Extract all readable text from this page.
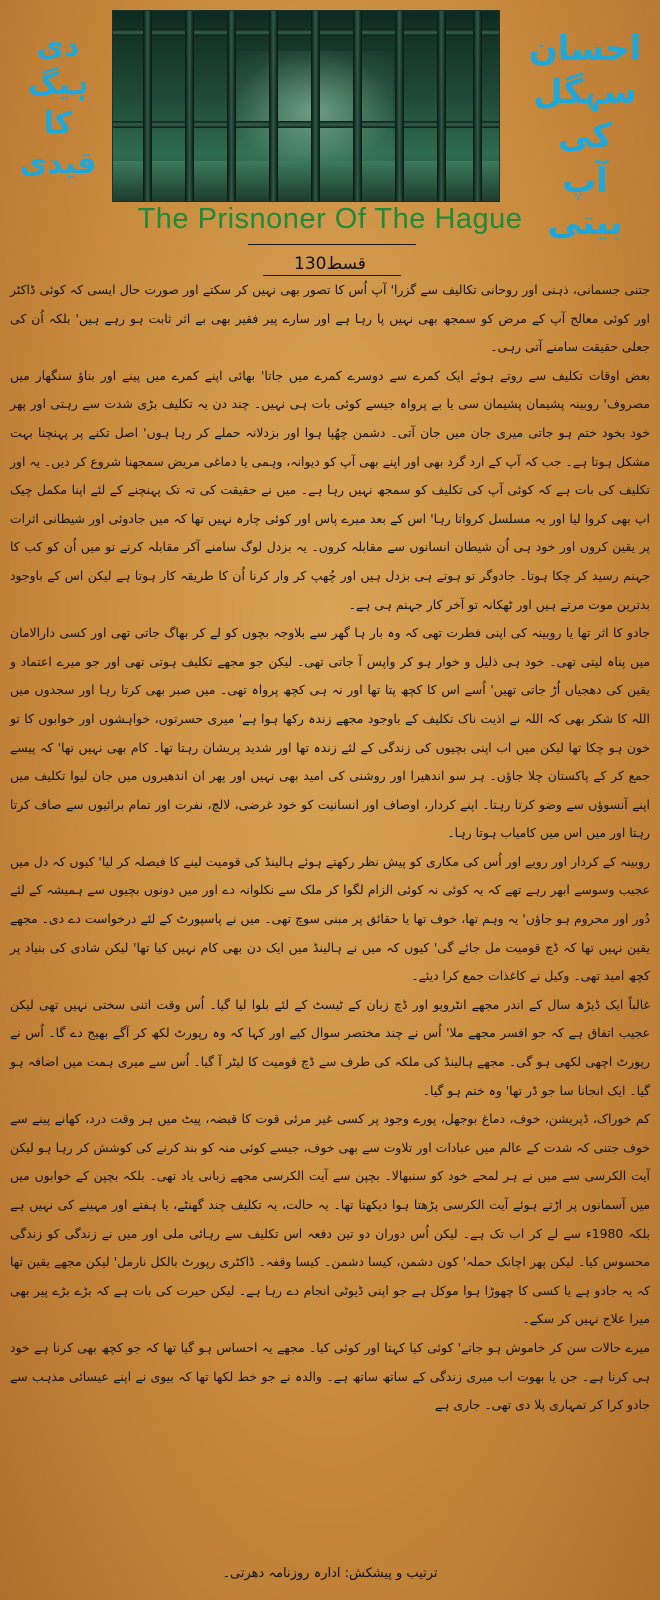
دی ہیگ
کا
قیدی
احسان سہگل
کی
آپ بیتی
The Prisnoner Of The Hague
قسط130

جتنی جسمانی، ذہنی اور روحانی تکالیف سے گزرا' آپ اُس کا تصور بھی نہیں کر سکتے اور صورت حال ایسی کہ کوئی ڈاکٹر اور کوئی معالج آپ کے مرض کو سمجھ بھی نہیں پا رہا ہے اور سارے پیر فقیر بھی بے اثر ثابت ہو رہے ہیں' بلکہ اُن کی جعلی حقیقت سامنے آتی رہی۔

بعض اوقات تکلیف سے روتے ہوئے ایک کمرے سے دوسرے کمرے میں جاتا' بھائی اپنے کمرے میں پینے اور بناؤ سنگھار میں مصروف' روبینہ پشیمان پشیمان سی یا بے پرواہ جیسے کوئی بات ہی نہیں۔ چند دن یہ تکلیف بڑی شدت سے رہتی اور پھر خود بخود ختم ہو جاتی میری جان میں جان آتی۔ دشمن چھُپا ہوا اور بزدلانہ حملے کر رہا ہوں' اصل تکنے پر پہنچنا بہت مشکل ہوتا ہے۔ جب کہ آپ کے ارد گرد بھی اور اپنے بھی آپ کو دیوانہ، وہمی یا دماغی مریض سمجھنا شروع کر دیں۔ یہ اور تکلیف کی بات ہے کہ کوئی آپ کی تکلیف کو سمجھ نہیں رہا ہے۔ میں نے حقیقت کی تہ تک پہنچنے کے لئے اپنا مکمل چیک اپ بھی کروا لیا اور یہ مسلسل کرواتا رہا' اس کے بعد میرے پاس اور کوئی چارہ نہیں تھا کہ میں جادوئی اور شیطانی اثرات پر یقین کروں اور خود ہی اُن شیطان انسانوں سے مقابلہ کروں۔ یہ بزدل لوگ سامنے آکر مقابلہ کرتے تو میں اُن کو کب کا جہنم رسید کر چکا ہوتا۔ جادوگر تو ہوتے ہی بزدل ہیں اور چُھپ کر وار کرنا اُن کا طریقہ کار ہوتا ہے لیکن اس کے باوجود بدترین موت مرتے ہیں اور ٹھکانہ تو آخر کار جہنم ہی ہے۔

جادو کا اثر تھا یا روبینہ کی اپنی فطرت تھی کہ وہ بار ہا گھر سے بلاوجہ بچوں کو لے کر بھاگ جاتی تھی اور کسی دارالامان میں پناہ لیتی تھی۔ خود ہی ذلیل و خوار ہو کر واپس آ جاتی تھی۔ لیکن جو مجھے تکلیف ہوتی تھی اور جو میرے اعتماد و یقین کی دھجیاں اُڑ جاتی تھیں' اُسے اس کا کچھ پتا تھا اور نہ ہی کچھ پرواہ تھی۔ میں صبر بھی کرتا رہا اور سجدوں میں اللہ کا شکر بھی کہ اللہ نے اذیت ناک تکلیف کے باوجود مجھے زندہ رکھا ہوا ہے' میری حسرتوں، خواہشوں اور خوابوں کا تو خون ہو چکا تھا لیکن میں اب اپنی بچیوں کی زندگی کے لئے زندہ تھا اور شدید پریشان رہتا تھا۔ کام بھی نہیں تھا' کہ پیسے جمع کر کے پاکستان چلا جاؤں۔ ہر سو اندھیرا اور روشنی کی امید بھی نہیں اور پھر ان اندھیروں میں جان لیوا تکلیف میں اپنے آنسوؤں سے وضو کرتا رہتا۔ اپنے کردار، اوصاف اور انسانیت کو خود غرضی، لالچ، نفرت اور تمام برائیوں سے صاف کرتا رہتا اور میں اس میں کامیاب ہوتا رہا۔

روبینہ کے کردار اور رویے اور اُس کی مکاری کو پیش نظر رکھتے ہوئے ہالینڈ کی قومیت لینے کا فیصلہ کر لیا' کیوں کہ دل میں عجیب وسوسے ابھر رہے تھے کہ یہ کوئی نہ کوئی الزام لگوا کر ملک سے نکلوانہ دے اور میں دونوں بچیوں سے ہمیشہ کے لئے دُور اور محروم ہو جاؤں' یہ وہم تھا، خوف تھا یا حقائق پر مبنی سوچ تھی۔ میں نے پاسپورٹ کے لئے درخواست دے دی۔ مجھے یقین نہیں تھا کہ ڈچ قومیت مل جائے گی' کیوں کہ میں نے ہالینڈ میں ایک دن بھی کام نہیں کیا تھا' لیکن شادی کی بنیاد پر کچھ امید تھی۔ وکیل نے کاغذات جمع کرا دیئے۔

غالباً ایک ڈیڑھ سال کے اندر مجھے انٹرویو اور ڈچ زبان کے ٹیسٹ کے لئے بلوا لیا گیا۔ اُس وقت اتنی سختی نہیں تھی لیکن عجیب اتفاق ہے کہ جو افسر مجھے ملا' اُس نے چند مختصر سوال کیے اور کہا کہ وہ رپورٹ لکھ کر آگے بھیج دے گا۔ اُس نے رپورٹ اچھی لکھی ہو گی۔ مجھے ہالینڈ کی ملکہ کی طرف سے ڈچ قومیت کا لیٹر آ گیا۔ اُس سے میری ہمت میں اضافہ ہو گیا۔ ایک انجانا سا جو ڈر تھا' وہ ختم ہو گیا۔

کم خوراک، ڈپریشن، خوف، دماغ بوجھل، پورے وجود پر کسی غیر مرئی قوت کا قبضہ، پیٹ میں ہر وقت درد، کھانے پینے سے خوف جتنی کہ شدت کے عالم میں عبادات اور تلاوت سے بھی خوف، جیسے کوئی منہ کو بند کرنے کی کوشش کر رہا ہو لیکن آیت الکرسی سے میں نے ہر لمحے خود کو سنبھالا۔ بچپن سے آیت الکرسی مجھے زبانی یاد تھی۔ بلکہ بچپن کے خوابوں میں میں آسمانوں پر اڑتے ہوئے آیت الکرسی پڑھتا ہوا دیکھتا تھا۔ یہ حالت، یہ تکلیف چند گھنٹے، یا ہفتے اور مہینے کی نہیں ہے بلکہ 1980ء سے لے کر اب تک ہے۔ لیکن اُس دوران دو تین دفعہ اس تکلیف سے رہائی ملی اور میں نے زندگی کو زندگی محسوس کیا۔ لیکن پھر اچانک حملہ' کون دشمن، کیسا دشمن۔ کیسا وقفہ۔ ڈاکٹری رپورٹ بالکل نارمل' لیکن مجھے یقین تھا کہ یہ جادو ہے یا کسی کا چھوڑا ہوا موکل ہے جو اپنی ڈیوٹی انجام دے رہا ہے۔ لیکن حیرت کی بات ہے کہ بڑے بڑے پیر بھی میرا علاج نہیں کر سکے۔

میرے حالات سن کر خاموش ہو جاتے' کوئی کیا کہتا اور کوئی کیا۔ مجھے یہ احساس ہو گیا تھا کہ جو کچھ بھی کرنا ہے خود ہی کرنا ہے۔ جن یا بھوت اب میری زندگی کے ساتھ ساتھ ہے۔ والدہ نے جو خط لکھا تھا کہ بیوی نے اپنے عیسائی مذہب سے جادو کرا کر تمہاری پلا دی تھی۔ جاری ہے

ترتیب و پیشکش: ادارہ روزنامہ دھرتی۔
